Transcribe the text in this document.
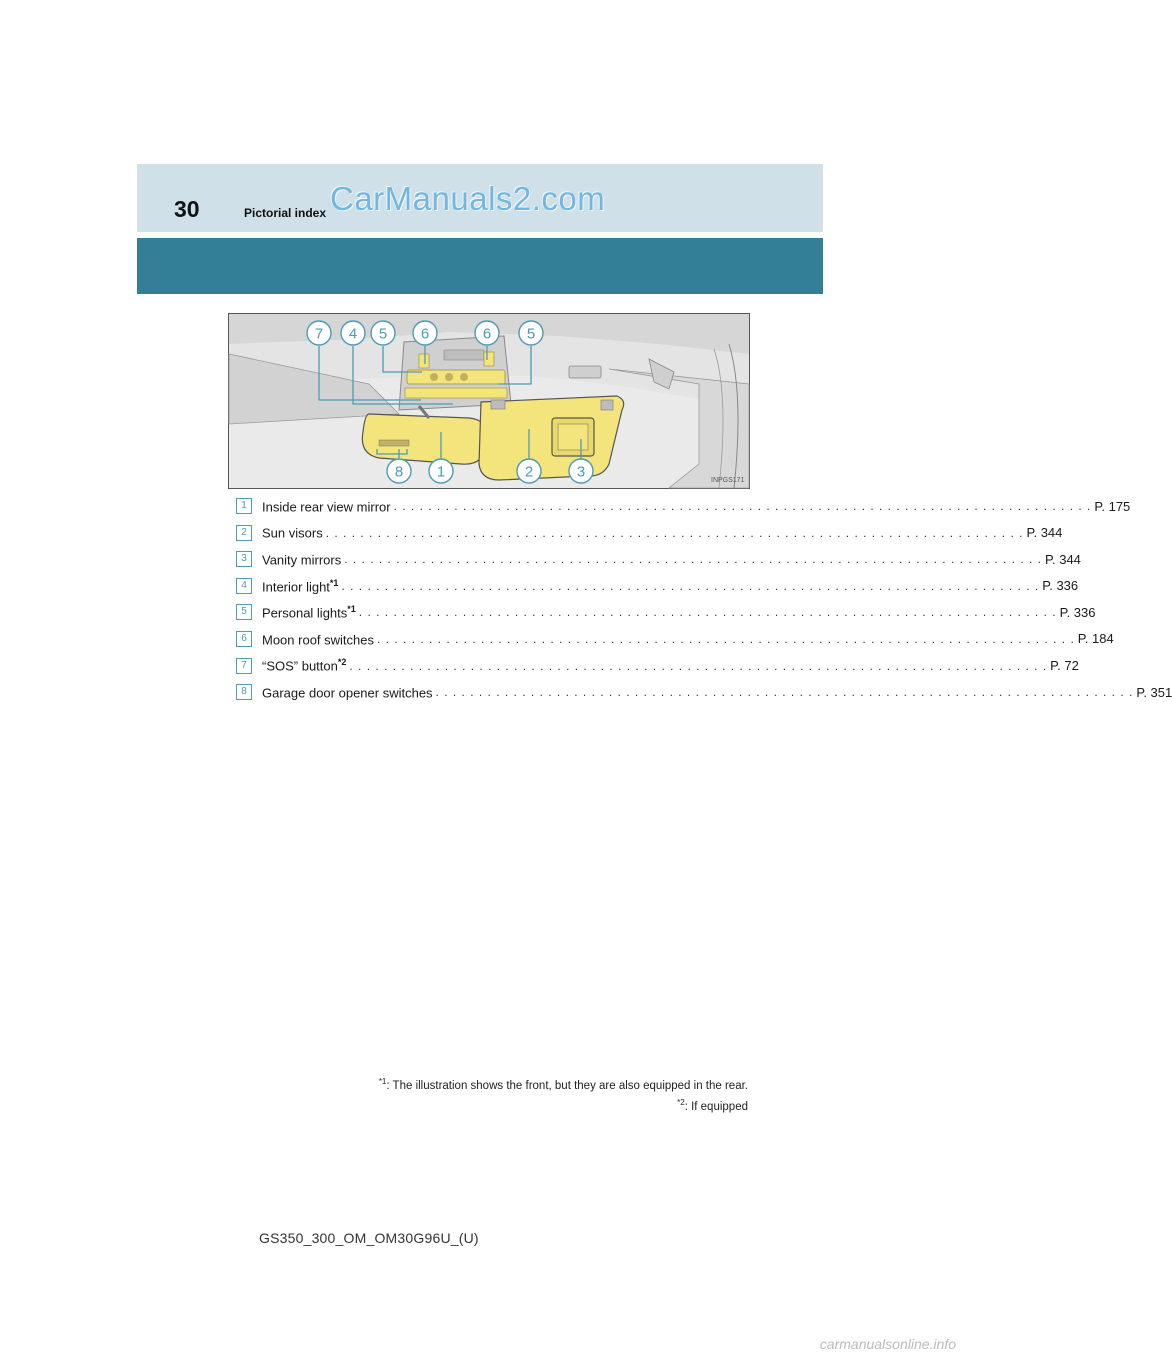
30	Pictorial index CarManuals2.com
7 4 5 6	6 5
8 1	2	3	INPGS171
1	Inside rear view mirror . . . . . . . . . . . . . . . . . . . . . . . . . . . . . . . . . . . . . . . . . . . . . . . . . . . . . . . . . . . . . . . . . . . . . . . . . . . . . . . . . P. 175
2	Sun visors . . . . . . . . . . . . . . . . . . . . . . . . . . . . . . . . . . . . . . . . . . . . . . . . . . . . . . . . . . . . . . . . . . . . . . . . . . . . . . . . . P. 344
3	Vanity mirrors . . . . . . . . . . . . . . . . . . . . . . . . . . . . . . . . . . . . . . . . . . . . . . . . . . . . . . . . . . . . . . . . . . . . . . . . . . . . . . . . . P. 344
4	Interior light$^{*1}$ . . . . . . . . . . . . . . . . . . . . . . . . . . . . . . . . . . . . . . . . . . . . . . . . . . . . . . . . . . . . . . . . . . . . . . . . . . . . . . . . . P. 336
5	Personal lights$^{*1}$ . . . . . . . . . . . . . . . . . . . . . . . . . . . . . . . . . . . . . . . . . . . . . . . . . . . . . . . . . . . . . . . . . . . . . . . . . . . . . . . . . P. 336
6	Moon roof switches . . . . . . . . . . . . . . . . . . . . . . . . . . . . . . . . . . . . . . . . . . . . . . . . . . . . . . . . . . . . . . . . . . . . . . . . . . . . . . . . . P. 184
7	“SOS” button$^{*2}$ . . . . . . . . . . . . . . . . . . . . . . . . . . . . . . . . . . . . . . . . . . . . . . . . . . . . . . . . . . . . . . . . . . . . . . . . . . . . . . . . . P. 72
8	Garage door opener switches . . . . . . . . . . . . . . . . . . . . . . . . . . . . . . . . . . . . . . . . . . . . . . . . . . . . . . . . . . . . . . . . . . . . . . . . . . . . . . . . . P. 351
$^{*1}$: The illustration shows the front, but they are also equipped in the rear.
$^{*2}$: If equipped
GS350_300_OM_OM30G96U_(U)
carmanualsonline.info
